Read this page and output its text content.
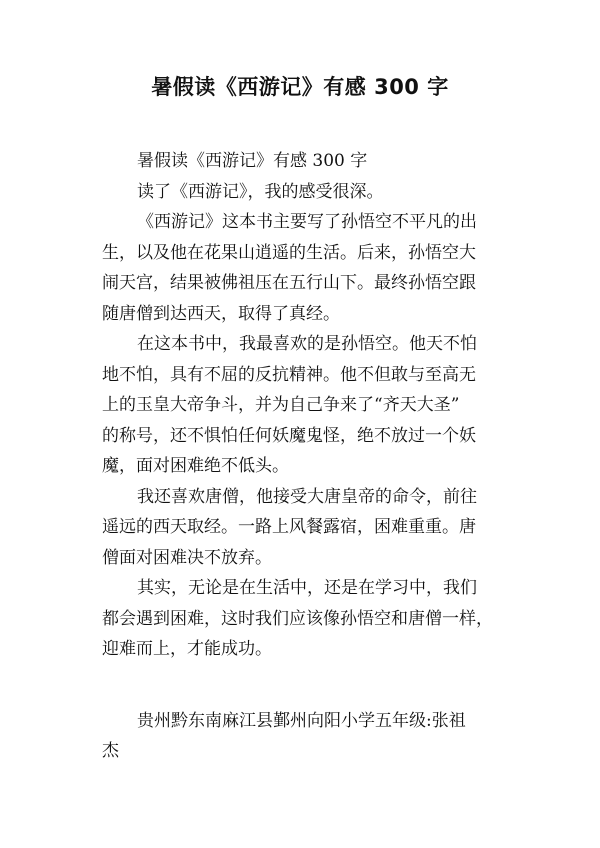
暑假读《西游记》有感 300 字

暑假读《西游记》有感 300 字

读了《西游记》，我的感受很深。

《西游记》这本书主要写了孙悟空不平凡的出

生，以及他在花果山逍遥的生活。后来，孙悟空大

闹天宫，结果被佛祖压在五行山下。最终孙悟空跟

随唐僧到达西天，取得了真经。

在这本书中，我最喜欢的是孙悟空。他天不怕

地不怕，具有不屈的反抗精神。他不但敢与至高无

上的玉皇大帝争斗，并为自己争来了“齐天大圣”

的称号，还不惧怕任何妖魔鬼怪，绝不放过一个妖

魔，面对困难绝不低头。

我还喜欢唐僧，他接受大唐皇帝的命令，前往

遥远的西天取经。一路上风餐露宿，困难重重。唐

僧面对困难决不放弃。

其实，无论是在生活中，还是在学习中，我们

都会遇到困难，这时我们应该像孙悟空和唐僧一样，

迎难而上，才能成功。

贵州黔东南麻江县鄞州向阳小学五年级:张祖

杰
